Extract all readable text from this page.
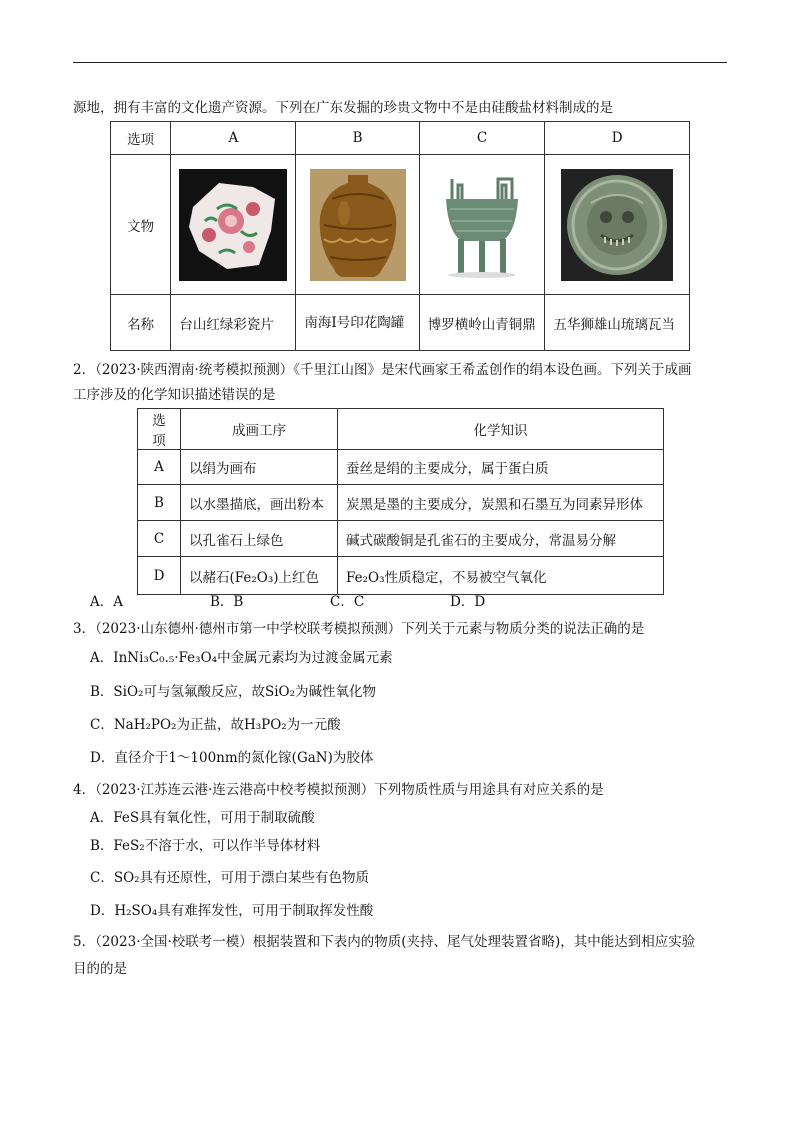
源地，拥有丰富的文化遗产资源。下列在广东发掘的珍贵文物中不是由硅酸盐材料制成的是
选项	A	B	C	D
文物	

名称	台山红绿彩瓷片	南海Ⅰ号印花陶罐	博罗横岭山青铜鼎	五华狮雄山琉璃瓦当
2．（2023·陕西渭南·统考模拟预测）《千里江山图》是宋代画家王希孟创作的绢本设色画。下列关于成画
工序涉及的化学知识描述错误的是
选项	成画工序	化学知识
A	以绢为画布	蚕丝是绢的主要成分，属于蛋白质
B	以水墨描底，画出粉本	炭黑是墨的主要成分，炭黑和石墨互为同素异形体
C	以孔雀石上绿色	碱式碳酸铜是孔雀石的主要成分，常温易分解
D	以赭石(Fe₂O₃)上红色	Fe₂O₃性质稳定，不易被空气氧化
A．A	B．B	C．C	D．D
3．（2023·山东德州·德州市第一中学校联考模拟预测）下列关于元素与物质分类的说法正确的是
A．InNi₃C₀.₅·Fe₃O₄中金属元素均为过渡金属元素
B．SiO₂可与氢氟酸反应，故SiO₂为碱性氧化物
C．NaH₂PO₂为正盐，故H₃PO₂为一元酸
D．直径介于1～100nm的氮化镓(GaN)为胶体
4．（2023·江苏连云港·连云港高中校考模拟预测）下列物质性质与用途具有对应关系的是
A．FeS具有氧化性，可用于制取硫酸
B．FeS₂不溶于水，可以作半导体材料
C．SO₂具有还原性，可用于漂白某些有色物质
D．H₂SO₄具有难挥发性，可用于制取挥发性酸
5．（2023·全国·校联考一模）根据装置和下表内的物质(夹持、尾气处理装置省略)，其中能达到相应实验
目的的是
